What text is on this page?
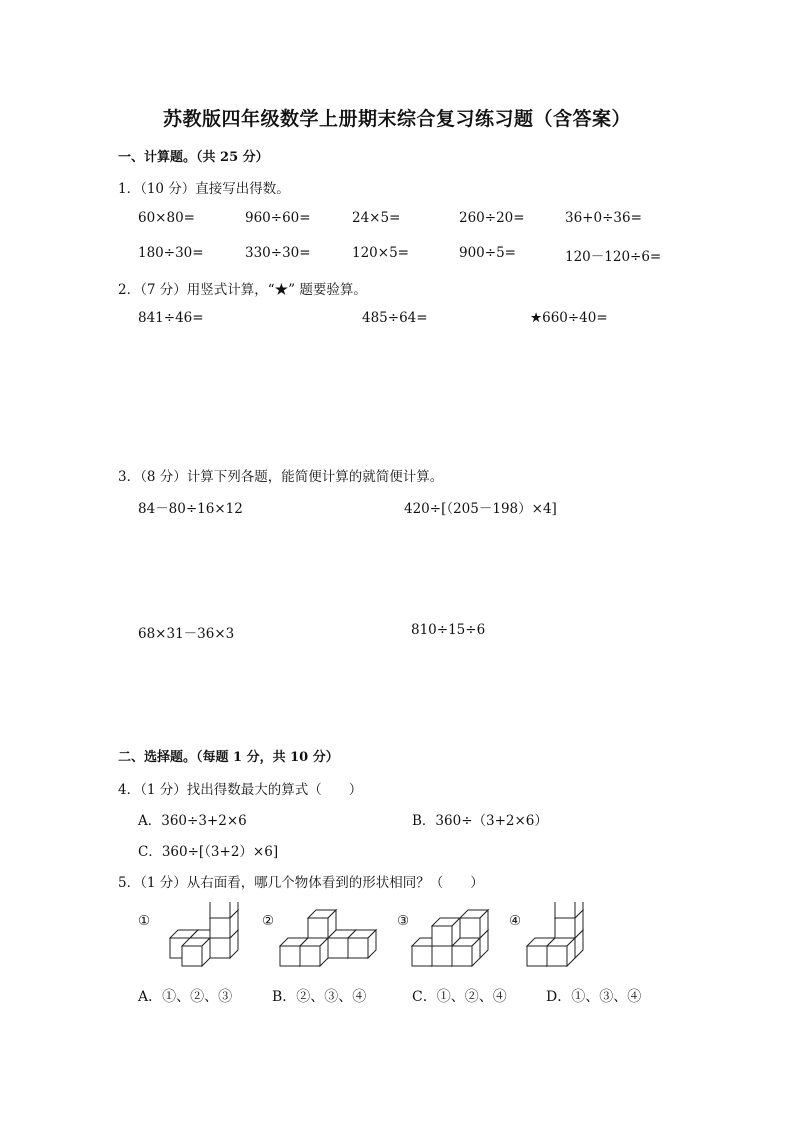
苏教版四年级数学上册期末综合复习练习题（含答案）
一、计算题。（共 25 分）
1．（10 分）直接写出得数。
60×80=	960÷60=	24×5=	260÷20=	36+0÷36=
180÷30=	330÷30=	120×5=	900÷5=	120－120÷6=
2．（7 分）用竖式计算，“★” 题要验算。
841÷46=	485÷64=	★660÷40=
3．（8 分）计算下列各题，能简便计算的就简便计算。
84－80÷16×12	420÷[（205－198）×4]
68×31－36×3	810÷15÷6
二、选择题。（每题 1 分，共 10 分）
4．（1 分）找出得数最大的算式（　　）
A．360÷3+2×6	B．360÷（3+2×6）
C．360÷[（3+2）×6]
5．（1 分）从右面看，哪几个物体看到的形状相同？（　　）
①	②	③	④
A．①、②、③	B．②、③、④	C．①、②、④	D．①、③、④
